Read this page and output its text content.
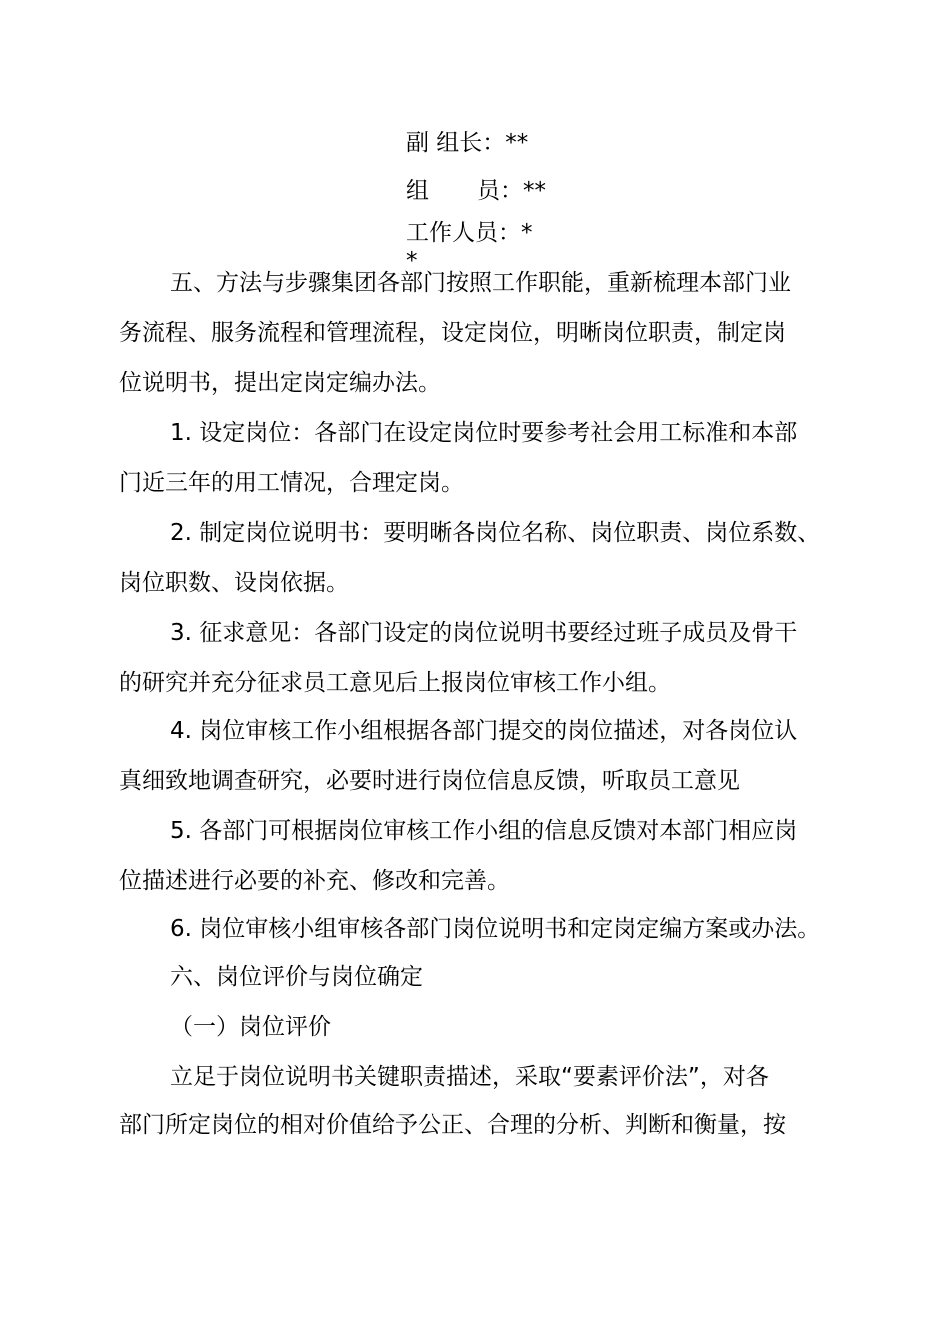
副 组长：**
组 员：**
工作人员：*
*
五、方法与步骤集团各部门按照工作职能，重新梳理本部门业
务流程、服务流程和管理流程，设定岗位，明晰岗位职责，制定岗
位说明书，提出定岗定编办法。
1. 设定岗位：各部门在设定岗位时要参考社会用工标准和本部
门近三年的用工情况，合理定岗。
2. 制定岗位说明书：要明晰各岗位名称、岗位职责、岗位系数、
岗位职数、设岗依据。
3. 征求意见：各部门设定的岗位说明书要经过班子成员及骨干
的研究并充分征求员工意见后上报岗位审核工作小组。
4. 岗位审核工作小组根据各部门提交的岗位描述，对各岗位认
真细致地调查研究，必要时进行岗位信息反馈，听取员工意见
5. 各部门可根据岗位审核工作小组的信息反馈对本部门相应岗
位描述进行必要的补充、修改和完善。
6. 岗位审核小组审核各部门岗位说明书和定岗定编方案或办法。
六、岗位评价与岗位确定
（一）岗位评价
立足于岗位说明书关键职责描述，采取“要素评价法”，对各
部门所定岗位的相对价值给予公正、合理的分析、判断和衡量，按
